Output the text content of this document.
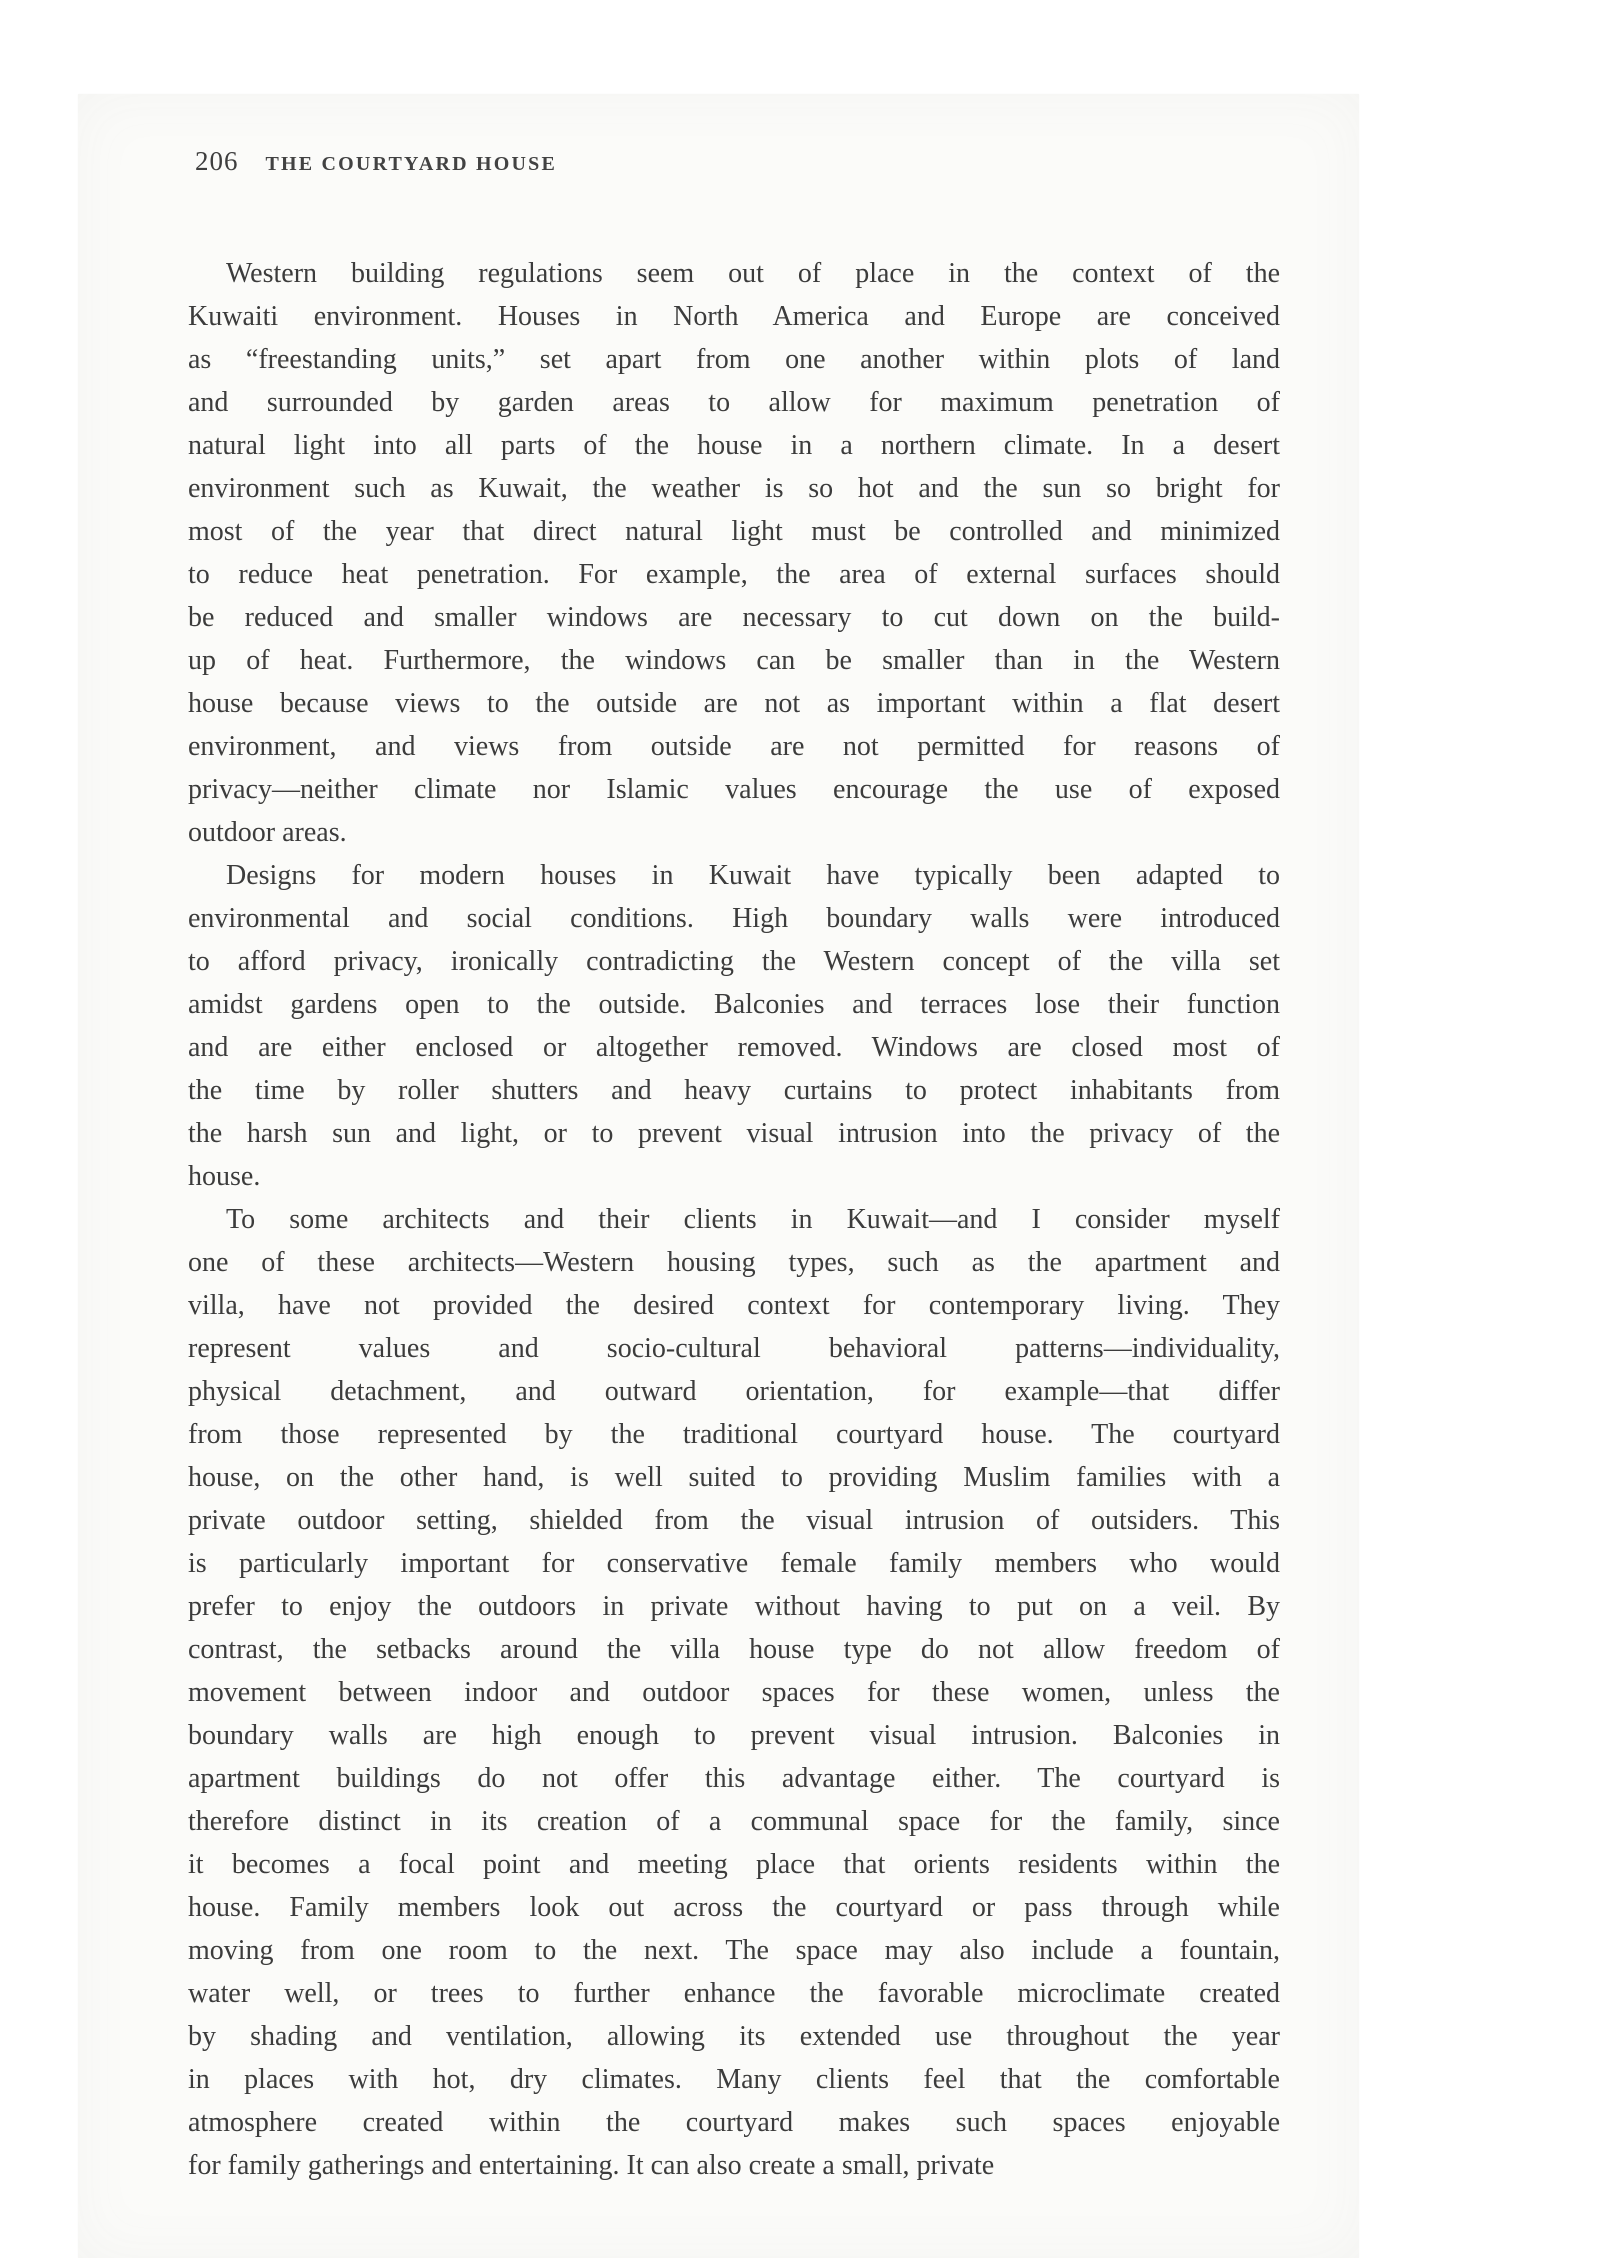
206 THE COURTYARD HOUSE
Western building regulations seem out of place in the context of the
Kuwaiti environment. Houses in North America and Europe are conceived
as “freestanding units,” set apart from one another within plots of land
and surrounded by garden areas to allow for maximum penetration of
natural light into all parts of the house in a northern climate. In a desert
environment such as Kuwait, the weather is so hot and the sun so bright for
most of the year that direct natural light must be controlled and minimized
to reduce heat penetration. For example, the area of external surfaces should
be reduced and smaller windows are necessary to cut down on the build-
up of heat. Furthermore, the windows can be smaller than in the Western
house because views to the outside are not as important within a flat desert
environment, and views from outside are not permitted for reasons of
privacy—neither climate nor Islamic values encourage the use of exposed
outdoor areas.
Designs for modern houses in Kuwait have typically been adapted to
environmental and social conditions. High boundary walls were introduced
to afford privacy, ironically contradicting the Western concept of the villa set
amidst gardens open to the outside. Balconies and terraces lose their function
and are either enclosed or altogether removed. Windows are closed most of
the time by roller shutters and heavy curtains to protect inhabitants from
the harsh sun and light, or to prevent visual intrusion into the privacy of the
house.
To some architects and their clients in Kuwait—and I consider myself
one of these architects—Western housing types, such as the apartment and
villa, have not provided the desired context for contemporary living. They
represent values and socio-cultural behavioral patterns—individuality,
physical detachment, and outward orientation, for example—that differ
from those represented by the traditional courtyard house. The courtyard
house, on the other hand, is well suited to providing Muslim families with a
private outdoor setting, shielded from the visual intrusion of outsiders. This
is particularly important for conservative female family members who would
prefer to enjoy the outdoors in private without having to put on a veil. By
contrast, the setbacks around the villa house type do not allow freedom of
movement between indoor and outdoor spaces for these women, unless the
boundary walls are high enough to prevent visual intrusion. Balconies in
apartment buildings do not offer this advantage either. The courtyard is
therefore distinct in its creation of a communal space for the family, since
it becomes a focal point and meeting place that orients residents within the
house. Family members look out across the courtyard or pass through while
moving from one room to the next. The space may also include a fountain,
water well, or trees to further enhance the favorable microclimate created
by shading and ventilation, allowing its extended use throughout the year
in places with hot, dry climates. Many clients feel that the comfortable
atmosphere created within the courtyard makes such spaces enjoyable
for family gatherings and entertaining. It can also create a small, private
